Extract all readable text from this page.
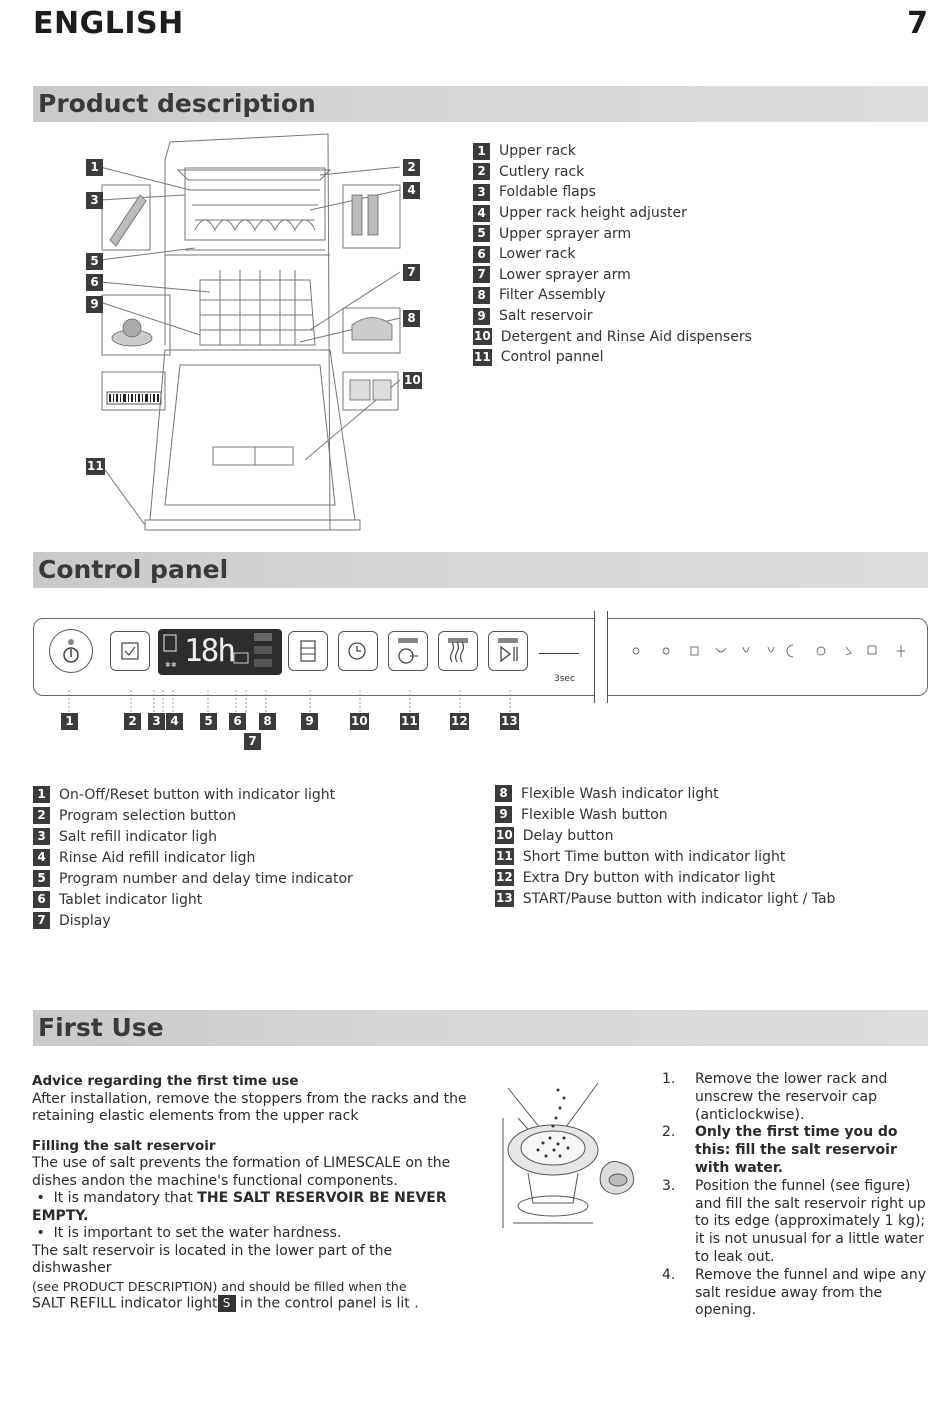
ENGLISH	7
Product description
1	2
3
4
5
6
7
8
9
10
11
1 Upper rack
2 Cutlery rack
3 Foldable flaps
4 Upper rack height adjuster
5 Upper sprayer arm
6 Lower rack
7 Lower sprayer arm
8 Filter Assembly
9 Salt reservoir
10 Detergent and Rinse Aid dispensers
11 Control pannel
Control panel
✱✱ 18h
3sec
1	2	3 4	5	6	8	9	10	11	12	13
7
1 On-Off/Reset button with indicator light
2 Program selection button
3 Salt refill indicator ligh
4 Rinse Aid refill indicator ligh
5 Program number and delay time indicator
6 Tablet indicator light
7 Display
8 Flexible Wash indicator light
9 Flexible Wash button
10 Delay button
11 Short Time button with indicator light
12 Extra Dry button with indicator light
13 START/Pause button with indicator light / Tab
First Use
Advice regarding the first time use

After installation, remove the stoppers from the racks and the retaining elastic elements from the upper rack

Filling the salt reservoir

The use of salt prevents the formation of LIMESCALE on the dishes andon the machine's functional components.

•  It is mandatory that THE SALT RESERVOIR BE NEVER EMPTY.

•  It is important to set the water hardness.

The salt reservoir is located in the lower part of the dishwasher

(see PRODUCT DESCRIPTION) and should be filled when the

SALT REFILL indicator light S in the control panel is lit .

1.	Remove the lower rack and unscrew the reservoir cap (anticlockwise).
2.	Only the first time you do this: fill the salt reservoir with water.
3.	Position the funnel (see figure) and fill the salt reservoir right up to its edge (approximately 1 kg); it is not unusual for a little water to leak out.
4.	Remove the funnel and wipe any salt residue away from the opening.
